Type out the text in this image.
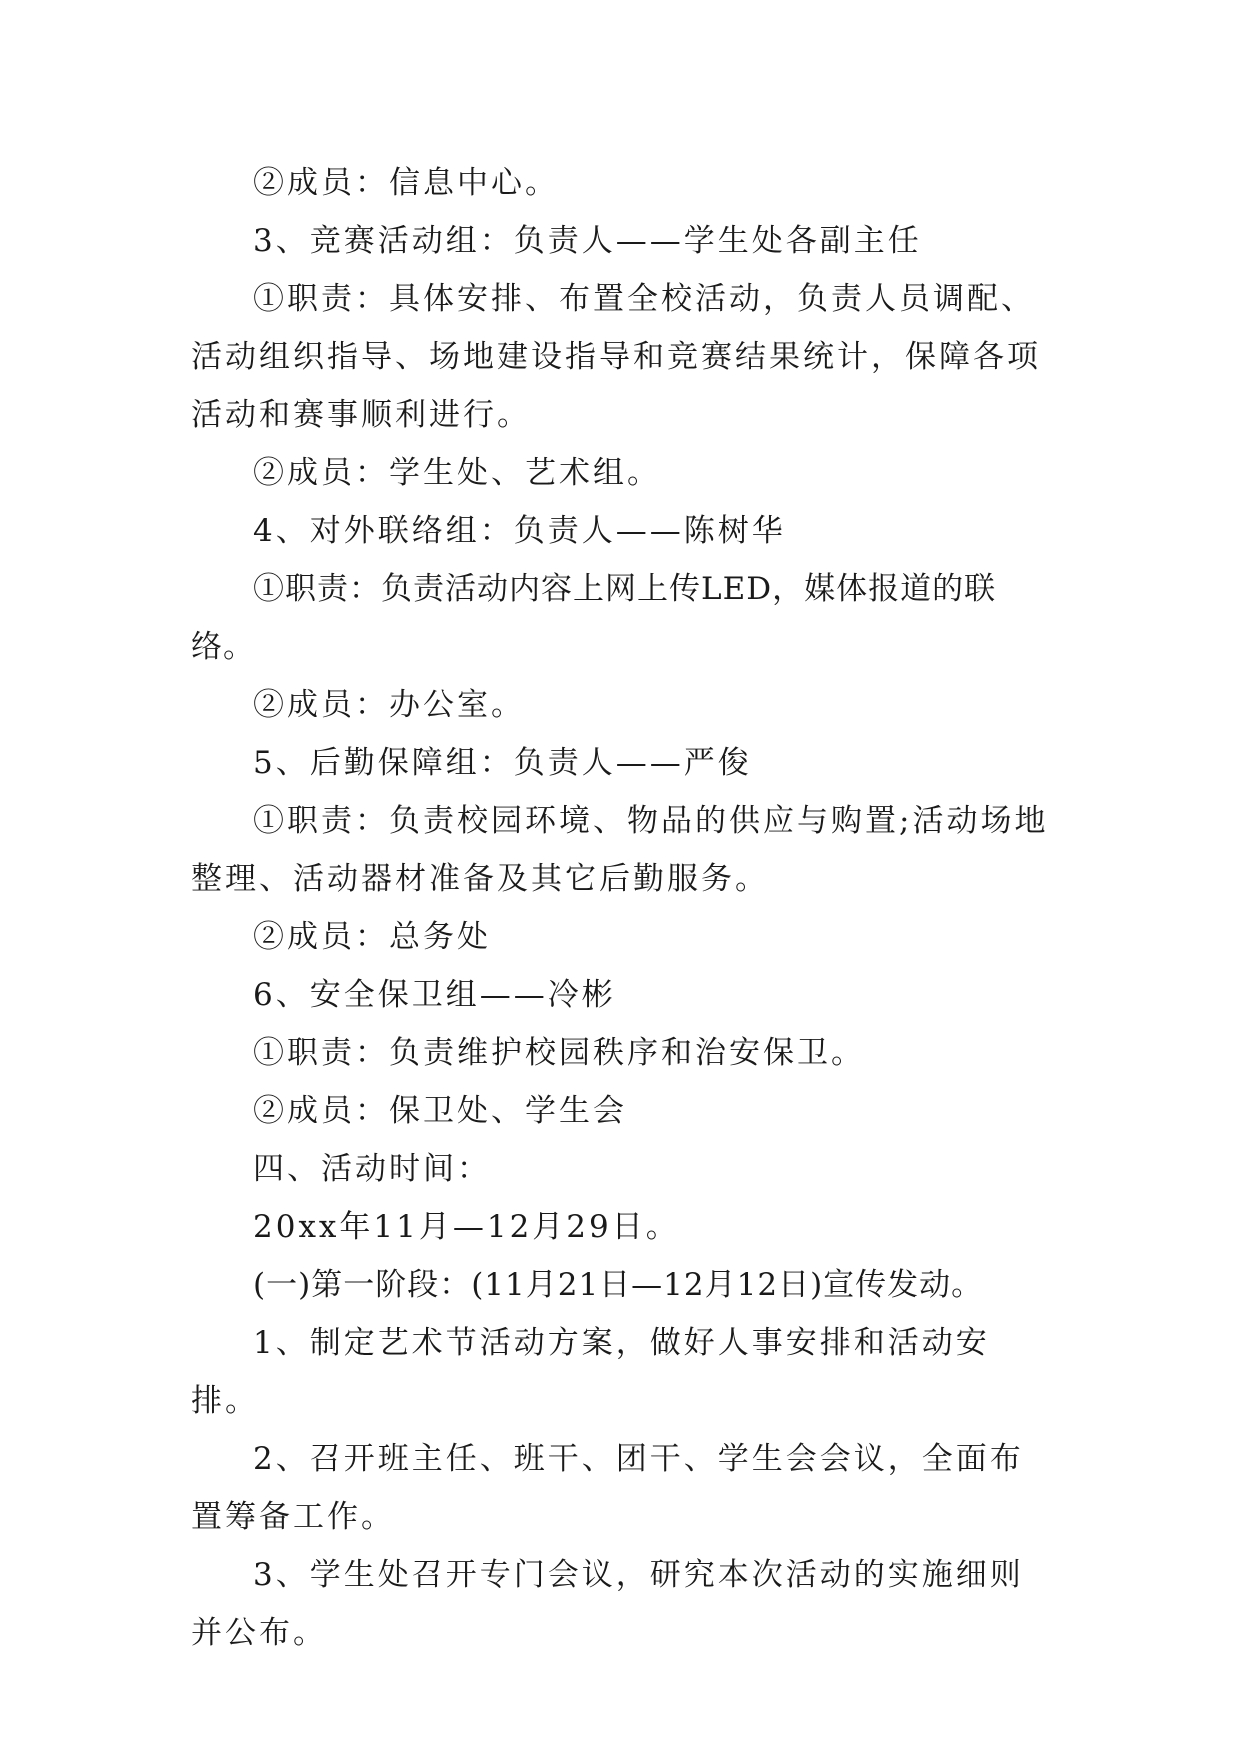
②成员：信息中心。

3、竞赛活动组：负责人——学生处各副主任

①职责：具体安排、布置全校活动，负责人员调配、活动组织指导、场地建设指导和竞赛结果统计，保障各项活动和赛事顺利进行。

②成员：学生处、艺术组。

4、对外联络组：负责人——陈树华

①职责：负责活动内容上网上传LED，媒体报道的联络。

②成员：办公室。

5、后勤保障组：负责人——严俊

①职责：负责校园环境、物品的供应与购置;活动场地整理、活动器材准备及其它后勤服务。

②成员：总务处

6、安全保卫组——冷彬

①职责：负责维护校园秩序和治安保卫。

②成员：保卫处、学生会

四、活动时间：

20xx年11月—12月29日。

(一)第一阶段：(11月21日—12月12日)宣传发动。

1、制定艺术节活动方案，做好人事安排和活动安排。

2、召开班主任、班干、团干、学生会会议，全面布置筹备工作。

3、学生处召开专门会议，研究本次活动的实施细则并公布。
